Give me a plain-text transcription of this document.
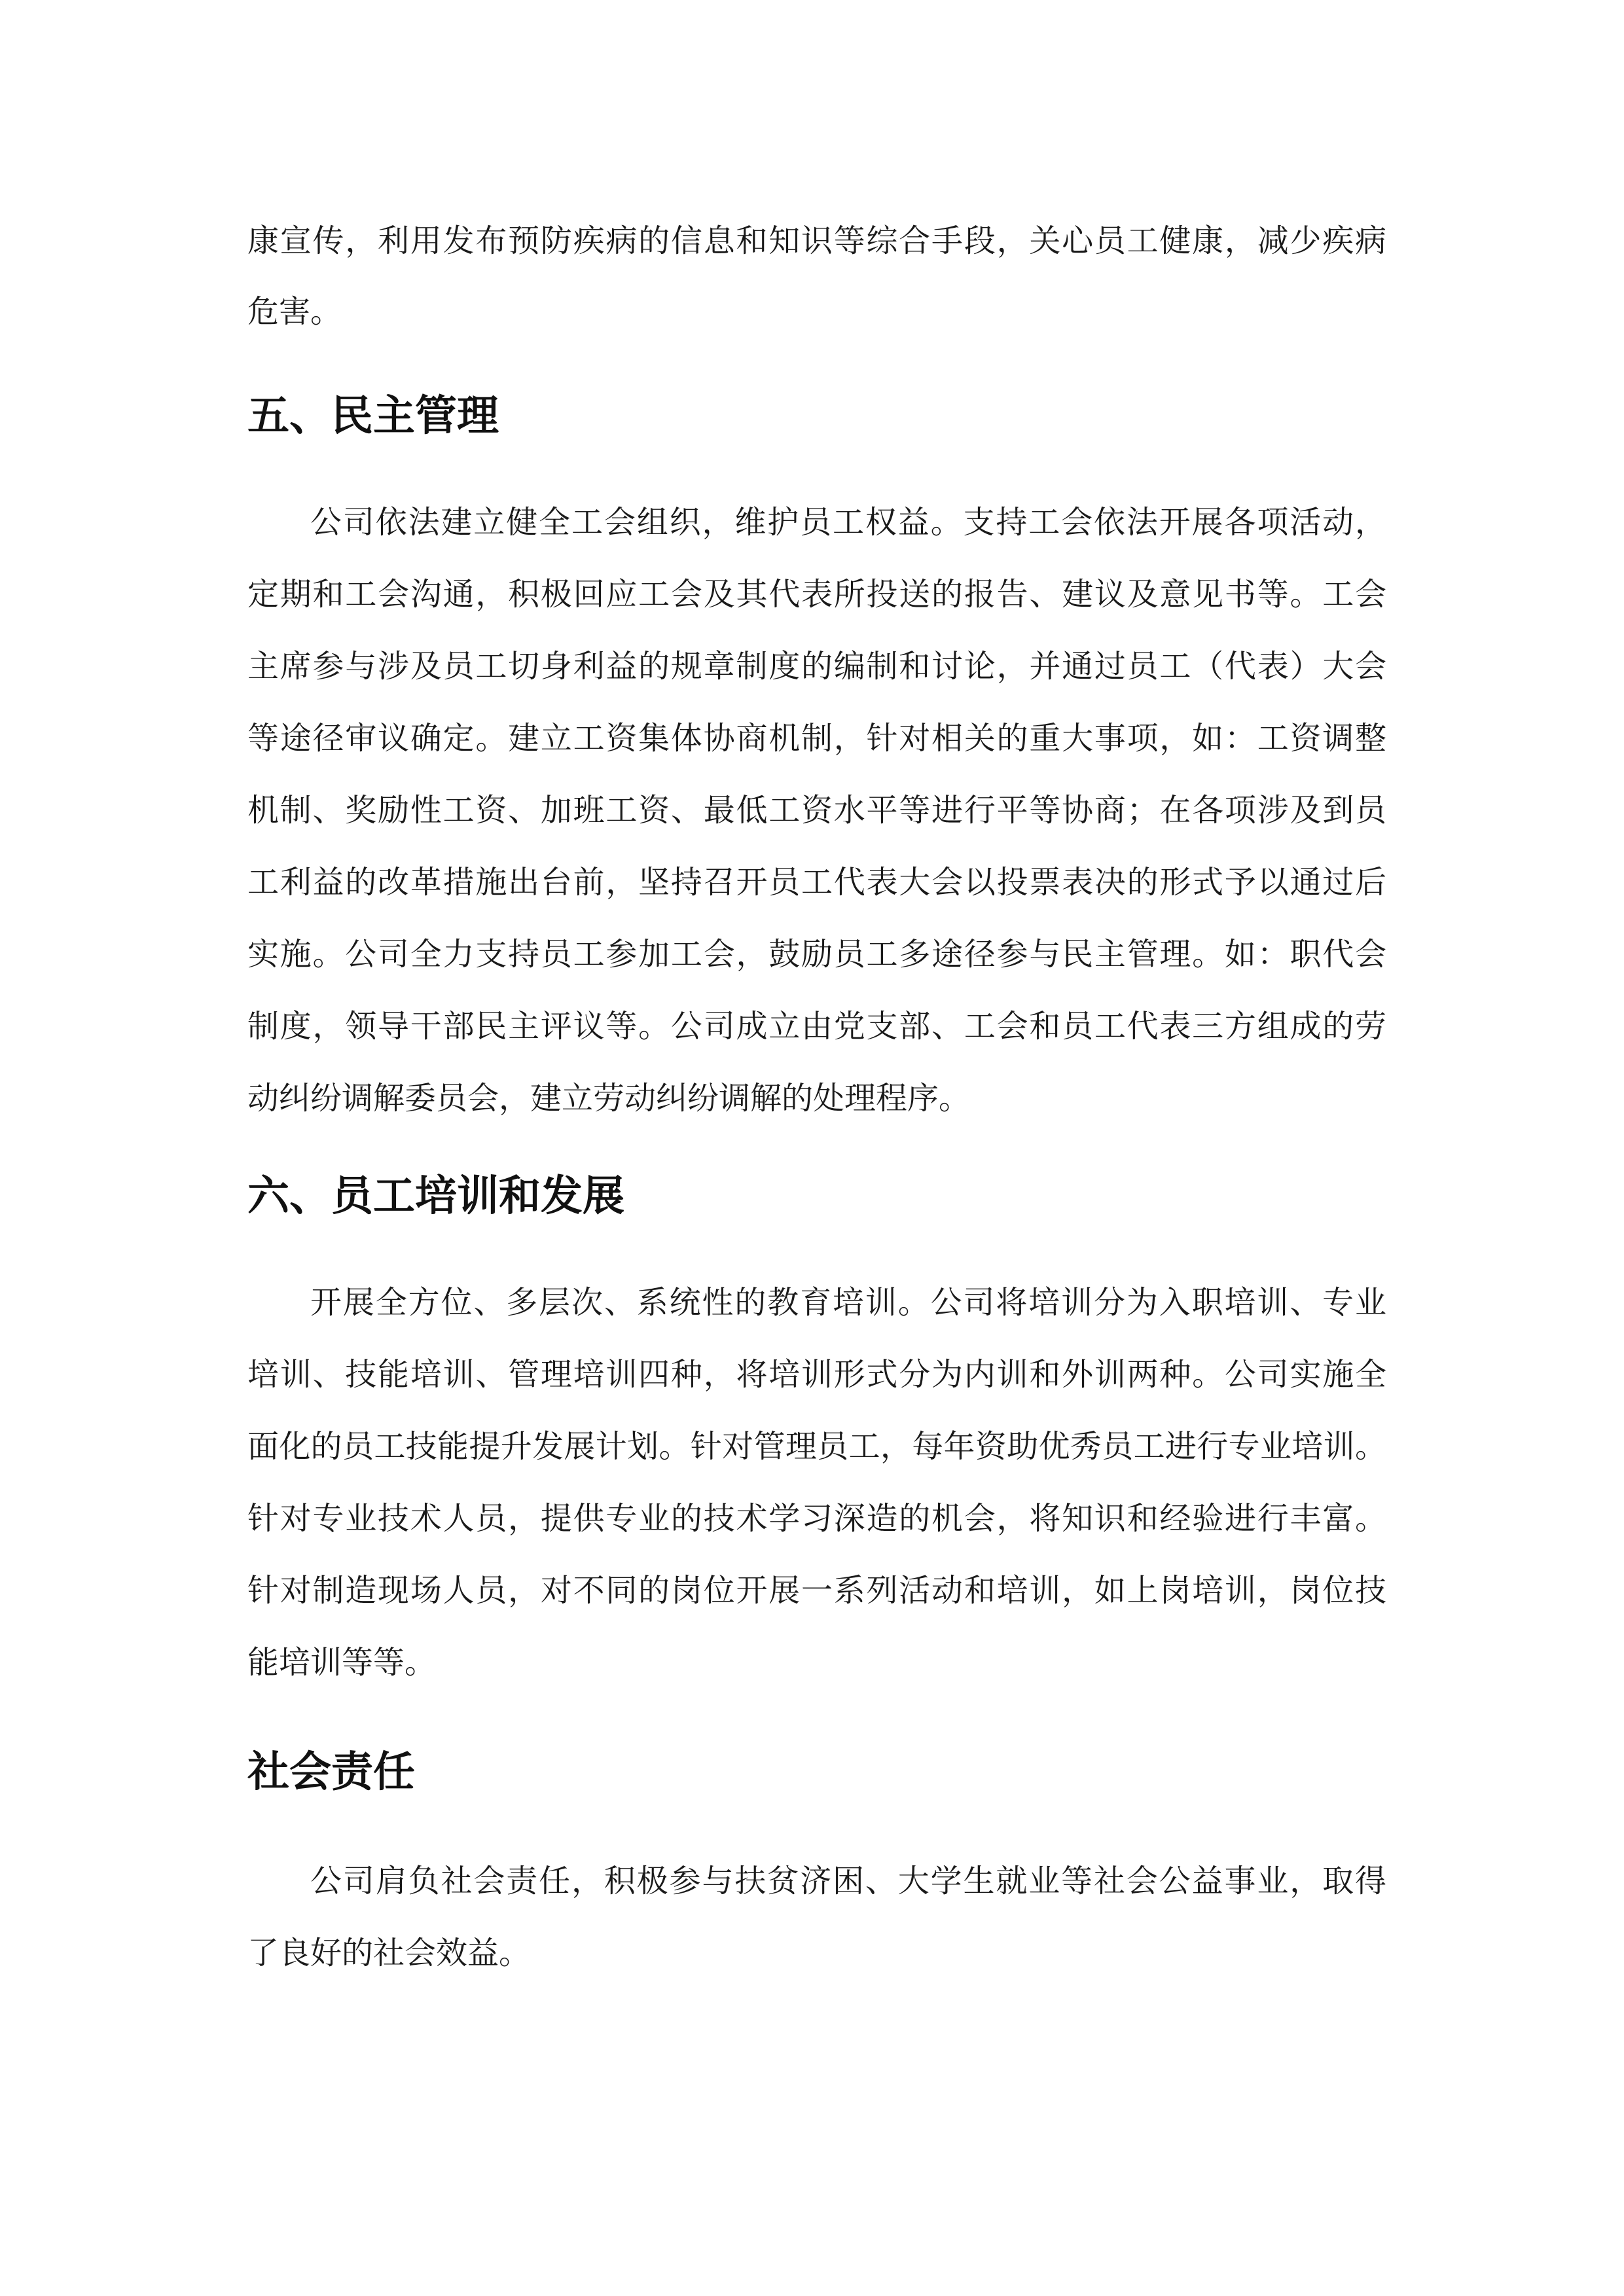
康宣传，利用发布预防疾病的信息和知识等综合手段，关心员工健康，减少疾病
危害。
五、民主管理
公司依法建立健全工会组织，维护员工权益。支持工会依法开展各项活动，
定期和工会沟通，积极回应工会及其代表所投送的报告、建议及意见书等。工会
主席参与涉及员工切身利益的规章制度的编制和讨论，并通过员工（代表）大会
等途径审议确定。建立工资集体协商机制，针对相关的重大事项，如：工资调整
机制、奖励性工资、加班工资、最低工资水平等进行平等协商；在各项涉及到员
工利益的改革措施出台前，坚持召开员工代表大会以投票表决的形式予以通过后
实施。公司全力支持员工参加工会，鼓励员工多途径参与民主管理。如：职代会
制度，领导干部民主评议等。公司成立由党支部、工会和员工代表三方组成的劳
动纠纷调解委员会，建立劳动纠纷调解的处理程序。
六、员工培训和发展
开展全方位、多层次、系统性的教育培训。公司将培训分为入职培训、专业
培训、技能培训、管理培训四种，将培训形式分为内训和外训两种。公司实施全
面化的员工技能提升发展计划。针对管理员工，每年资助优秀员工进行专业培训。
针对专业技术人员，提供专业的技术学习深造的机会，将知识和经验进行丰富。
针对制造现场人员，对不同的岗位开展一系列活动和培训，如上岗培训，岗位技
能培训等等。
社会责任
公司肩负社会责任，积极参与扶贫济困、大学生就业等社会公益事业，取得
了良好的社会效益。
